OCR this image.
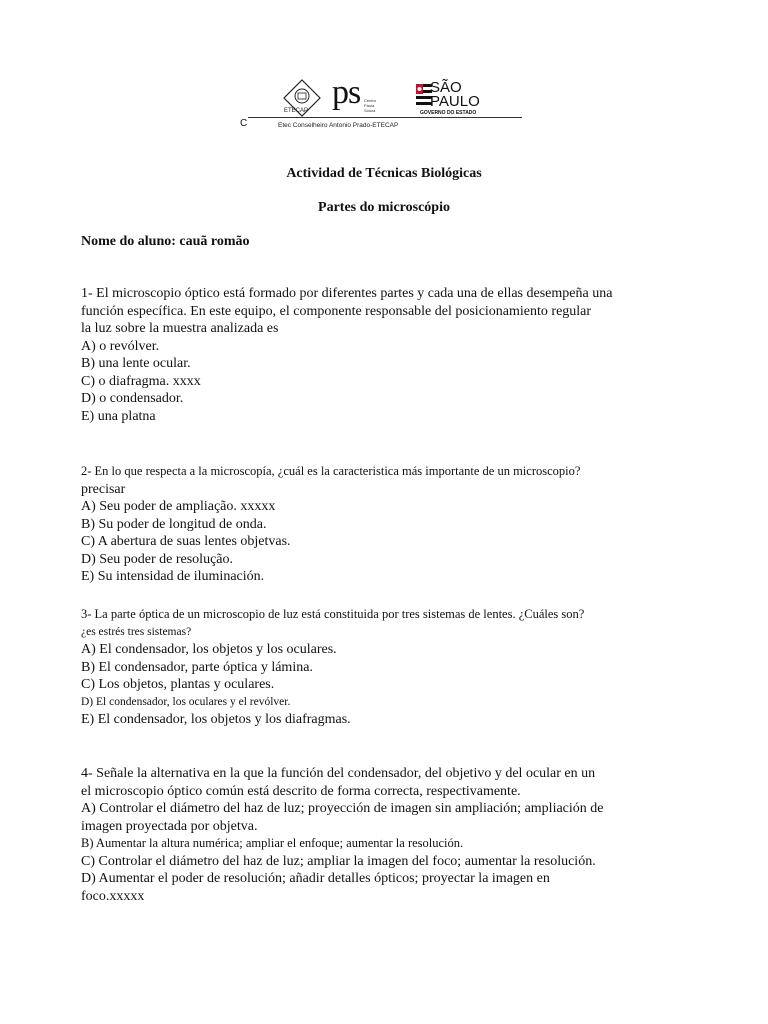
ETECAP ps Centro Paula Souza
SÃO
PAULO
GOVERNO DO ESTADO
C	Etec Conselheiro Antonio Prado-ETECAP
Actividad de Técnicas Biológicas
Partes do microscópio
Nome do aluno: cauã romão
1- El microscopio óptico está formado por diferentes partes y cada una de ellas desempeña una
función específica. En este equipo, el componente responsable del posicionamiento regular
la luz sobre la muestra analizada es
A) o revólver.
B) una lente ocular.
C) o diafragma. xxxx
D) o condensador.
E) una platna
2- En lo que respecta a la microscopía, ¿cuál es la caracteristica más importante de un microscopio?
precisar
A) Seu poder de ampliação. xxxxx
B) Su poder de longitud de onda.
C) A abertura de suas lentes objetvas.
D) Seu poder de resolução.
E) Su intensidad de iluminación.
3- La parte óptica de un microscopio de luz está constituida por tres sistemas de lentes. ¿Cuáles son?
¿es estrés tres sistemas?
A) El condensador, los objetos y los oculares.
B) El condensador, parte óptica y lámina.
C) Los objetos, plantas y oculares.
D) El condensador, los oculares y el revólver.
E) El condensador, los objetos y los diafragmas.
4- Señale la alternativa en la que la función del condensador, del objetivo y del ocular en un
el microscopio óptico común está descrito de forma correcta, respectivamente.
A) Controlar el diámetro del haz de luz; proyección de imagen sin ampliación; ampliación de
imagen proyectada por objetva.
B) Aumentar la altura numérica; ampliar el enfoque; aumentar la resolución.
C) Controlar el diámetro del haz de luz; ampliar la imagen del foco; aumentar la resolución.
D) Aumentar el poder de resolución; añadir detalles ópticos; proyectar la imagen en
foco.xxxxx
